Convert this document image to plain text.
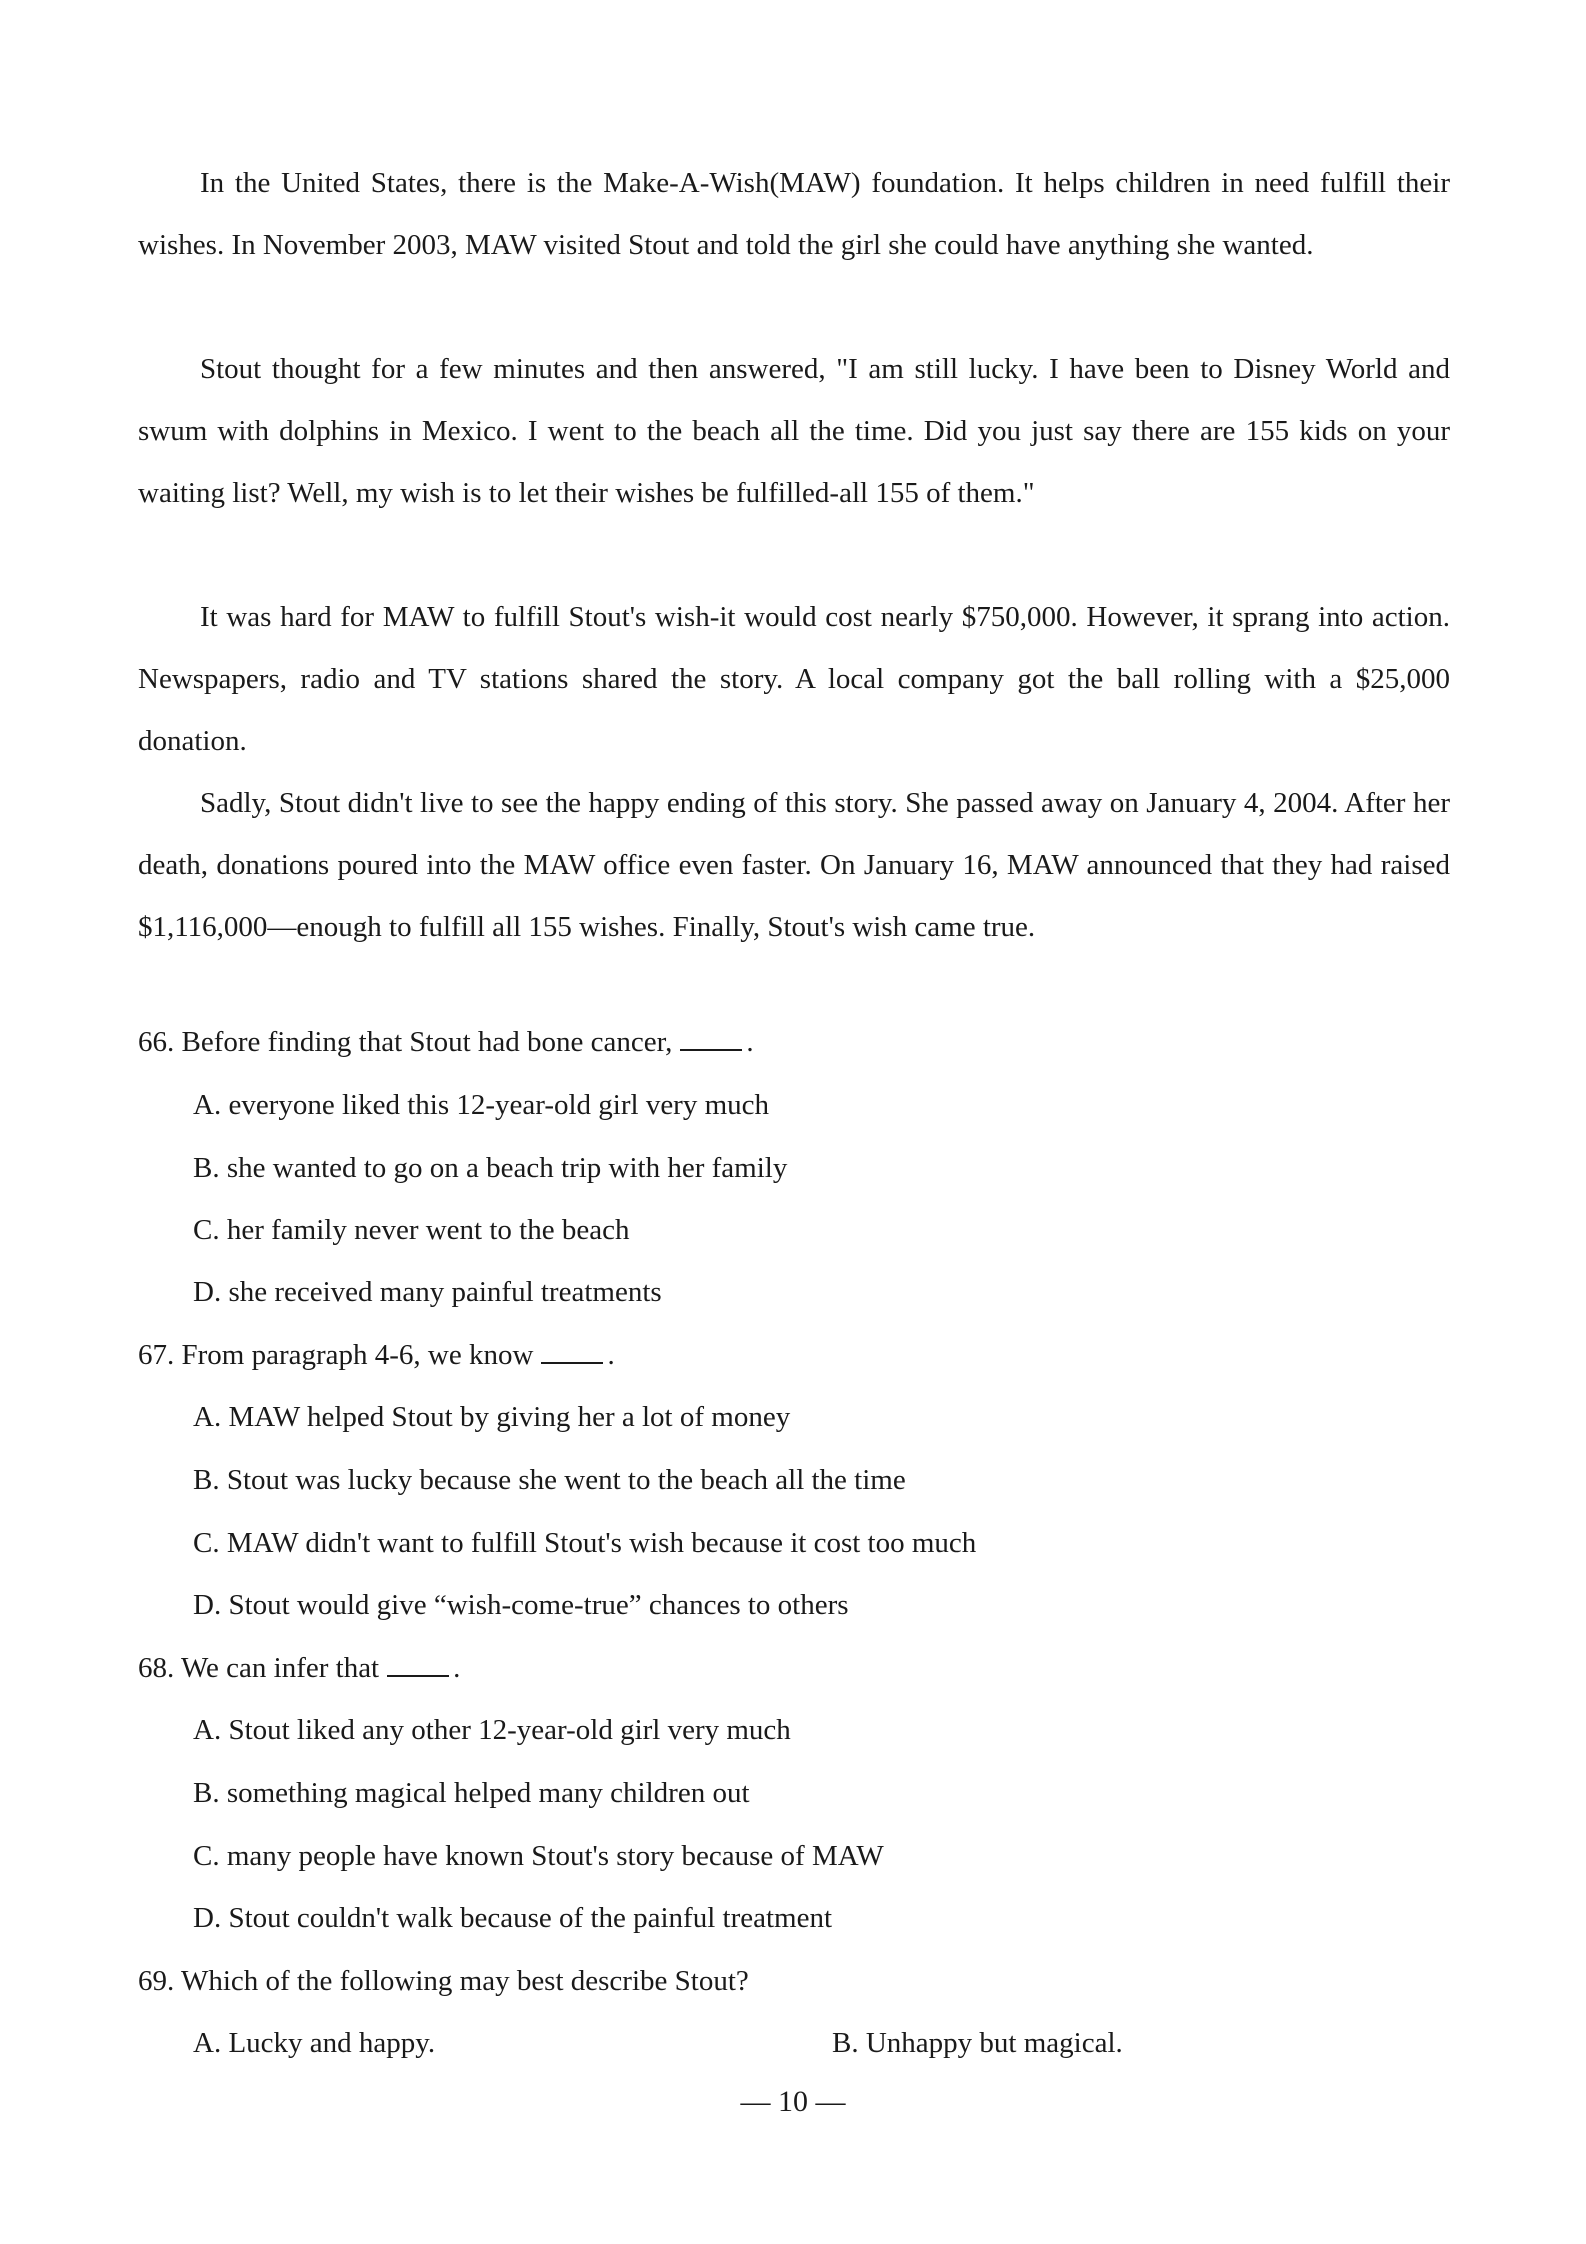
In the United States, there is the Make-A-Wish(MAW) foundation. It helps children in need fulfill their wishes. In November 2003, MAW visited Stout and told the girl she could have anything she wanted.

Stout thought for a few minutes and then answered, "I am still lucky. I have been to Disney World and swum with dolphins in Mexico. I went to the beach all the time. Did you just say there are 155 kids on your waiting list? Well, my wish is to let their wishes be fulfilled-all 155 of them."

It was hard for MAW to fulfill Stout's wish-it would cost nearly $750,000. However, it sprang into action. Newspapers, radio and TV stations shared the story. A local company got the ball rolling with a $25,000 donation.

Sadly, Stout didn't live to see the happy ending of this story. She passed away on January 4, 2004. After her death, donations poured into the MAW office even faster. On January 16, MAW announced that they had raised $1,116,000—enough to fulfill all 155 wishes. Finally, Stout's wish came true.

66. Before finding that Stout had bone cancer,	.

A. everyone liked this 12-year-old girl very much

B. she wanted to go on a beach trip with her family

C. her family never went to the beach

D. she received many painful treatments

67. From paragraph 4-6, we know	.

A. MAW helped Stout by giving her a lot of money

B. Stout was lucky because she went to the beach all the time

C. MAW didn't want to fulfill Stout's wish because it cost too much

D. Stout would give “wish-come-true” chances to others

68. We can infer that	.

A. Stout liked any other 12-year-old girl very much

B. something magical helped many children out

C. many people have known Stout's story because of MAW

D. Stout couldn't walk because of the painful treatment

69. Which of the following may best describe Stout?

A. Lucky and happy.	B. Unhappy but magical.

— 10 —
